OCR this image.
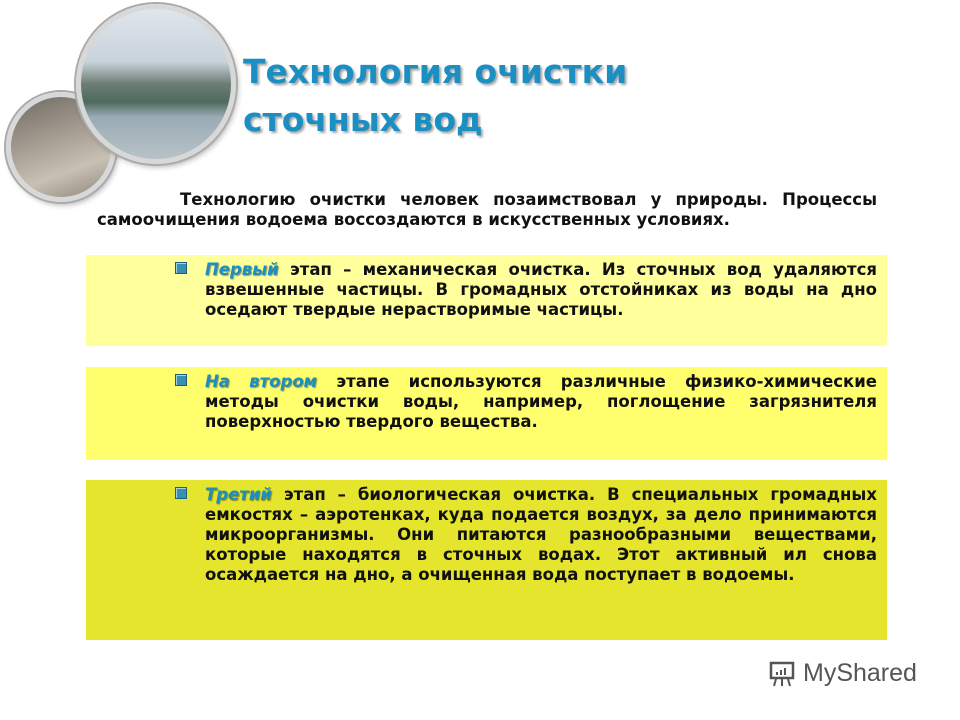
Технология очистки
сточных вод

Технологию очистки человек позаимствовал у природы. Процессы самоочищения водоема воссоздаются в искусственных условиях.

Первый этап – механическая очистка. Из сточных вод удаляются взвешенные частицы. В громадных отстойниках из воды на дно оседают твердые нерастворимые частицы.

На втором этапе используются различные физико-химические методы очистки воды, например, поглощение загрязнителя поверхностью твердого вещества.

Третий этап – биологическая очистка. В специальных громадных емкостях – аэротенках, куда подается воздух, за дело принимаются микроорганизмы. Они питаются разнообразными веществами, которые находятся в сточных водах. Этот активный ил снова осаждается на дно, а очищенная вода поступает в водоемы.

MyShared
